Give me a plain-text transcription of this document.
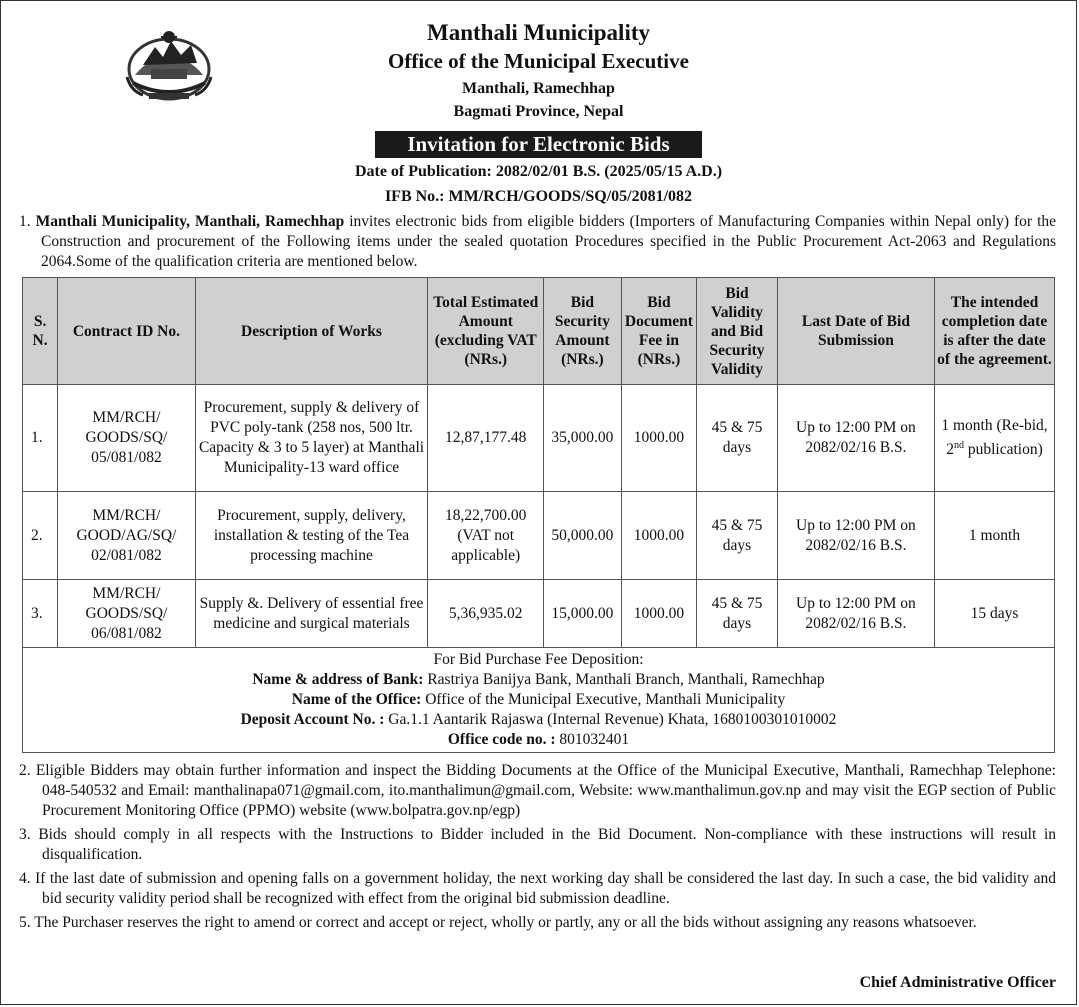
Manthali Municipality
Office of the Municipal Executive
Manthali, Ramechhap
Bagmati Province, Nepal
Invitation for Electronic Bids
Date of Publication: 2082/02/01 B.S. (2025/05/15 A.D.)
IFB No.: MM/RCH/GOODS/SQ/05/2081/082
1. Manthali Municipality, Manthali, Ramechhap invites electronic bids from eligible bidders (Importers of Manufacturing Companies within Nepal only) for the Construction and procurement of the Following items under the sealed quotation Procedures specified in the Public Procurement Act-2063 and Regulations 2064.Some of the qualification criteria are mentioned below.
S. N.	Contract ID No.	Description of Works	Total Estimated Amount (excluding VAT (NRs.)	Bid Security Amount (NRs.)	Bid Document Fee in (NRs.)	Bid Validity and Bid Security Validity	Last Date of Bid Submission	The intended completion date is after the date of the agreement.
1.	MM/RCH/ GOODS/SQ/ 05/081/082	Procurement, supply & delivery of PVC poly-tank (258 nos, 500 ltr. Capacity & 3 to 5 layer) at Manthali Municipality-13 ward office	12,87,177.48	35,000.00	1000.00	45 & 75 days	Up to 12:00 PM on 2082/02/16 B.S.	1 month (Re-bid, 2nd publication)
2.	MM/RCH/ GOOD/AG/SQ/ 02/081/082	Procurement, supply, delivery, installation & testing of the Tea processing machine	18,22,700.00
(VAT not applicable)	50,000.00	1000.00	45 & 75 days	Up to 12:00 PM on 2082/02/16 B.S.	1 month
3.	MM/RCH/ GOODS/SQ/ 06/081/082	Supply &. Delivery of essential free medicine and surgical materials	5,36,935.02	15,000.00	1000.00	45 & 75 days	Up to 12:00 PM on 2082/02/16 B.S.	15 days

For Bid Purchase Fee Deposition:
Name & address of Bank: Rastriya Banijya Bank, Manthali Branch, Manthali, Ramechhap
Name of the Office: Office of the Municipal Executive, Manthali Municipality
Deposit Account No. : Ga.1.1 Aantarik Rajaswa (Internal Revenue) Khata, 1680100301010002
Office code no. : 801032401								
2. Eligible Bidders may obtain further information and inspect the Bidding Documents at the Office of the Municipal Executive, Manthali, Ramechhap Telephone: 048-540532 and Email: manthalinapa071@gmail.com, ito.manthalimun@gmail.com, Website: www.manthalimun.gov.np and may visit the EGP section of Public Procurement Monitoring Office (PPMO) website (www.bolpatra.gov.np/egp)
3. Bids should comply in all respects with the Instructions to Bidder included in the Bid Document. Non-compliance with these instructions will result in disqualification.
4. If the last date of submission and opening falls on a government holiday, the next working day shall be considered the last day. In such a case, the bid validity and bid security validity period shall be recognized with effect from the original bid submission deadline.
5. The Purchaser reserves the right to amend or correct and accept or reject, wholly or partly, any or all the bids without assigning any reasons whatsoever.
Chief Administrative Officer
